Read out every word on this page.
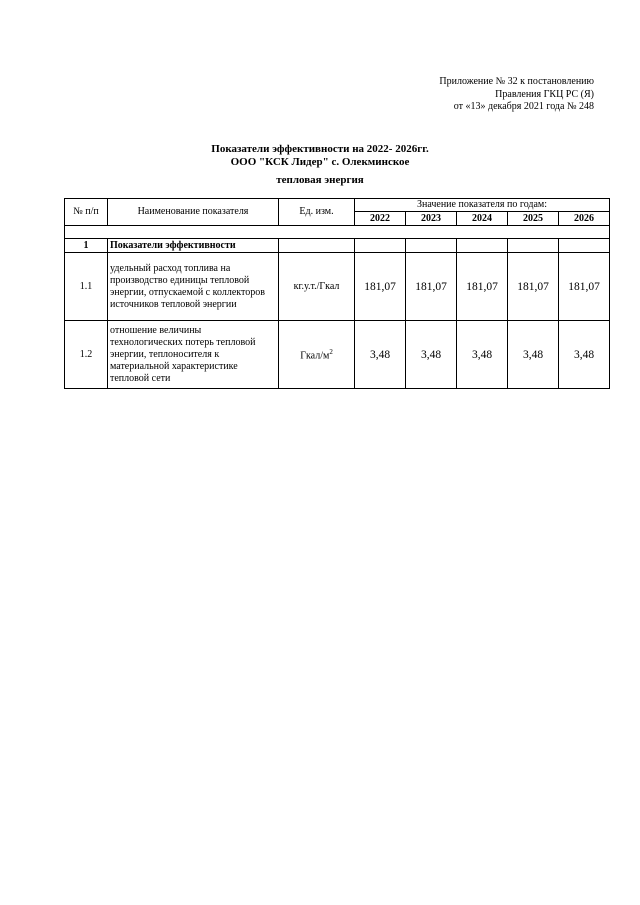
Приложение № 32 к постановлению
Правления ГКЦ РС (Я)
от «13» декабря 2021 года № 248
Показатели эффективности на 2022- 2026гг.
ООО "КСК Лидер" с. Олекминское
тепловая энергия
№ п/п	Наименование показателя	Ед. изм.	Значение показателя по годам:				
			2022	2023	2024	2025	2026

1	Показатели эффективности						
1.1	удельный расход топлива на производство единицы тепловой энергии, отпускаемой с коллекторов источников тепловой энергии	кг.у.т./Гкал	181,07	181,07	181,07	181,07	181,07
1.2	отношение величины технологических потерь тепловой энергии, теплоносителя к материальной характеристике тепловой сети	Гкал/$м^2$	3,48	3,48	3,48	3,48	3,48
